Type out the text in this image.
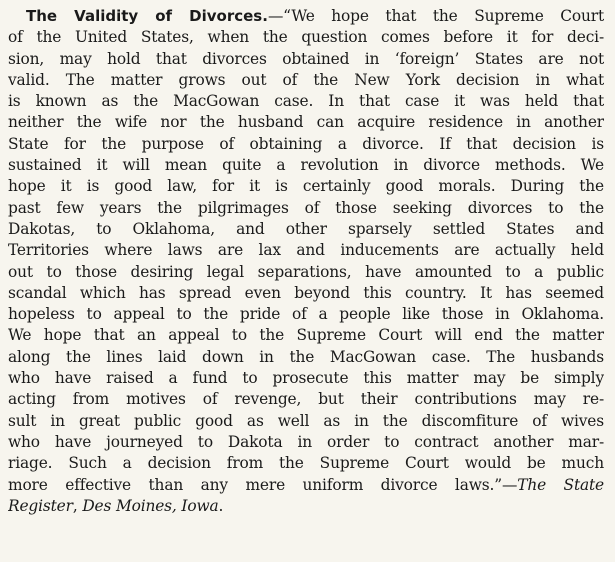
The Validity of Divorces.—“We hope that the Supreme Court
of the United States, when the question comes before it for deci-
sion, may hold that divorces obtained in ‘foreign’ States are not
valid. The matter grows out of the New York decision in what
is known as the MacGowan case. In that case it was held that
neither the wife nor the husband can acquire residence in another
State for the purpose of obtaining a divorce. If that decision is
sustained it will mean quite a revolution in divorce methods. We
hope it is good law, for it is certainly good morals. During the
past few years the pilgrimages of those seeking divorces to the
Dakotas, to Oklahoma, and other sparsely settled States and
Territories where laws are lax and inducements are actually held
out to those desiring legal separations, have amounted to a public
scandal which has spread even beyond this country. It has seemed
hopeless to appeal to the pride of a people like those in Oklahoma.
We hope that an appeal to the Supreme Court will end the matter
along the lines laid down in the MacGowan case. The husbands
who have raised a fund to prosecute this matter may be simply
acting from motives of revenge, but their contributions may re-
sult in great public good as well as in the discomfiture of wives
who have journeyed to Dakota in order to contract another mar-
riage. Such a decision from the Supreme Court would be much
more effective than any mere uniform divorce laws.”—The State
Register, Des Moines, Iowa.
